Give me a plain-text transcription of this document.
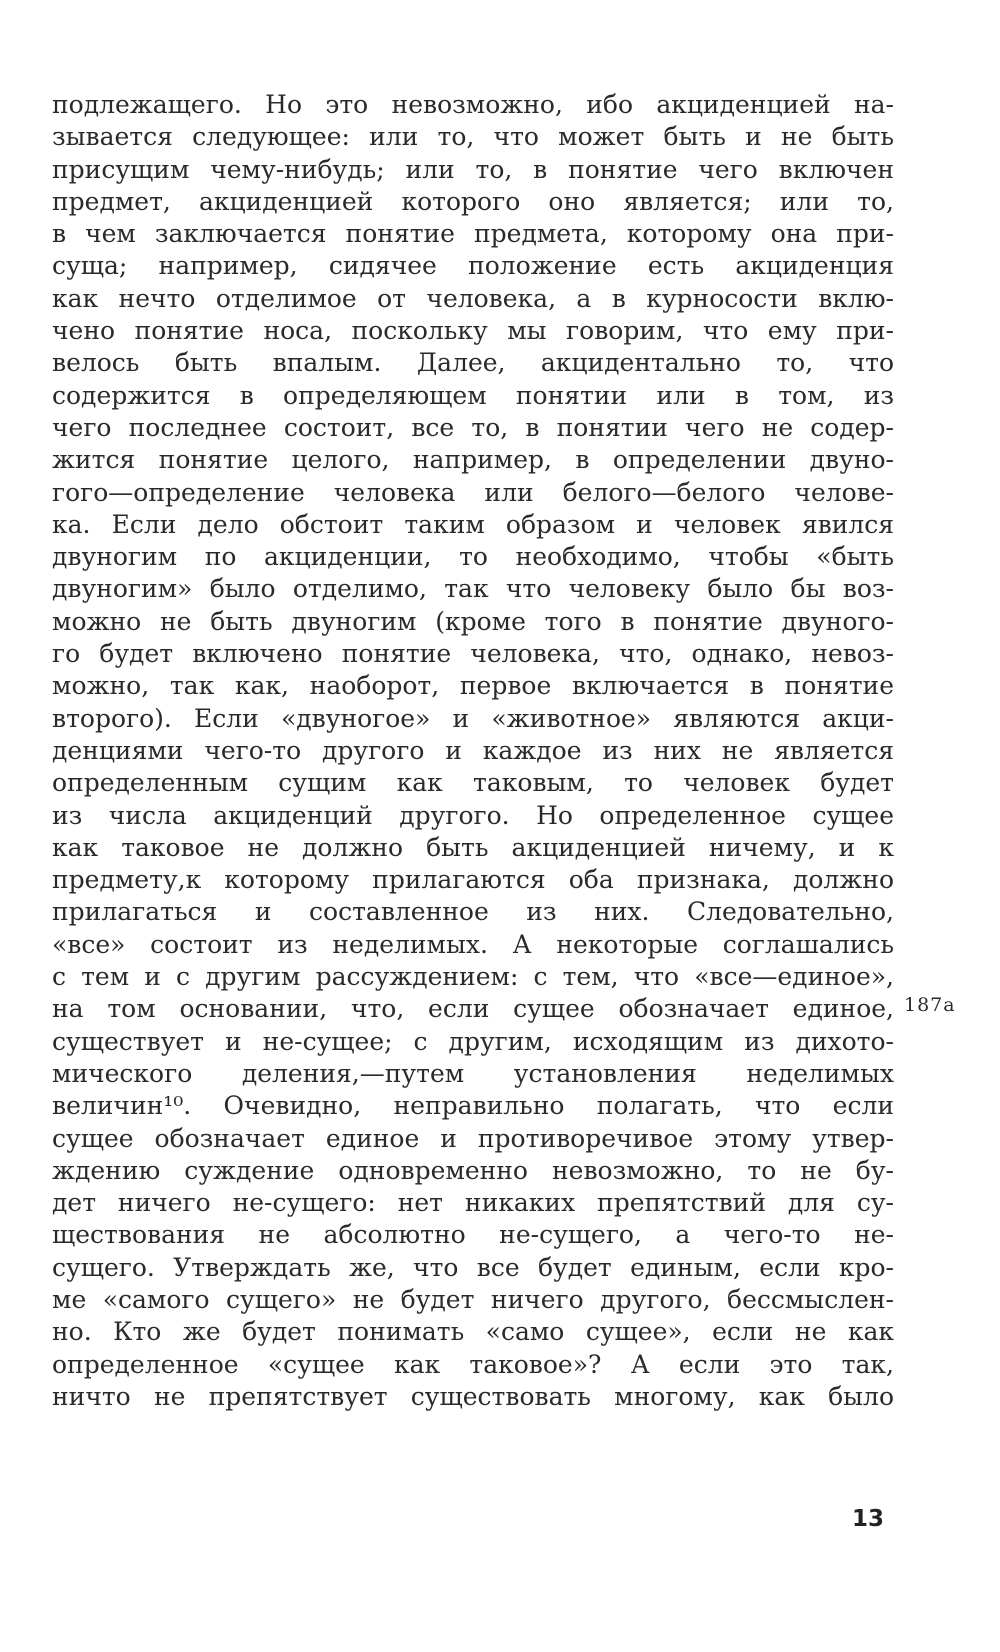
подлежащего. Но это невозможно, ибо акциденцией на-
зывается следующее: или то, что может быть и не быть
присущим чему-нибудь; или то, в понятие чего включен
предмет, акциденцией которого оно является; или то,
в чем заключается понятие предмета, которому она при-
суща; например, сидячее положение есть акциденция
как нечто отделимое от человека, а в курносости вклю-
чено понятие носа, поскольку мы говорим, что ему при-
велось быть впалым. Далее, акцидентально то, что
содержится в определяющем понятии или в том, из
чего последнее состоит, все то, в понятии чего не содер-
жится понятие целого, например, в определении двуно-
гого—определение человека или белого—белого челове-
ка. Если дело обстоит таким образом и человек явился
двуногим по акциденции, то необходимо, чтобы «быть
двуногим» было отделимо, так что человеку было бы воз-
можно не быть двуногим (кроме того в понятие двуного-
го будет включено понятие человека, что, однако, невоз-
можно, так как, наоборот, первое включается в понятие
второго). Если «двуногое» и «животное» являются акци-
денциями чего-то другого и каждое из них не является
определенным сущим как таковым, то человек будет
из числа акциденций другого. Но определенное сущее
как таковое не должно быть акциденцией ничему, и к
предмету,к которому прилагаются оба признака, должно
прилагаться и составленное из них. Следовательно,
«все» состоит из неделимых. А некоторые соглашались
с тем и с другим рассуждением: с тем, что «все—единое»,
на том основании, что, если сущее обозначает единое,
существует и не-сущее; с другим, исходящим из дихото-
мического деления,—путем установления неделимых
величин¹⁰. Очевидно, неправильно полагать, что если
сущее обозначает единое и противоречивое этому утвер-
ждению суждение одновременно невозможно, то не бу-
дет ничего не-сущего: нет никаких препятствий для су-
ществования не абсолютно не-сущего, а чего-то не-
сущего. Утверждать же, что все будет единым, если кро-
ме «самого сущего» не будет ничего другого, бессмыслен-
но. Кто же будет понимать «само сущее», если не как
определенное «сущее как таковое»? А если это так,
ничто не препятствует существовать многому, как было
187a
13
